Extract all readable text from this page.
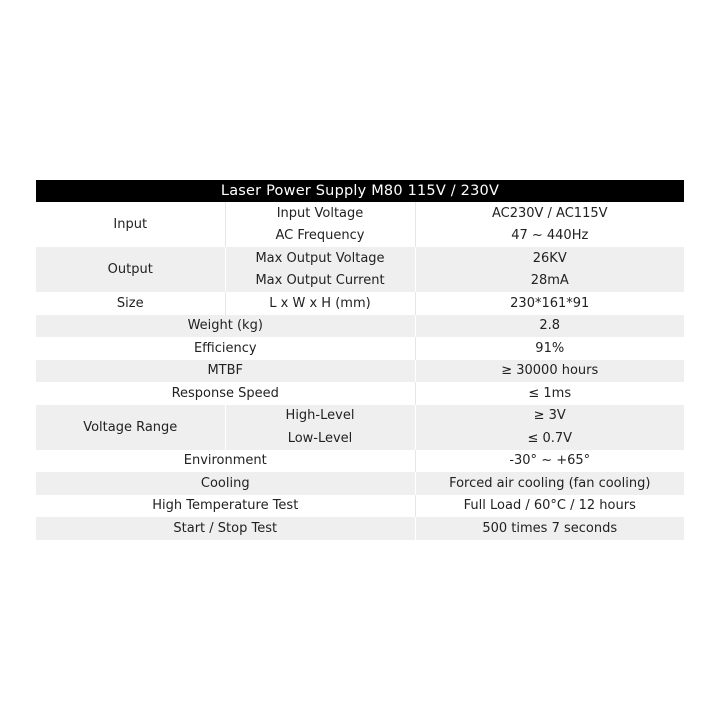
Laser Power Supply M80 115V / 230V		
Input	Input Voltage	AC230V / AC115V
	AC Frequency	47 ~ 440Hz
Output	Max Output Voltage	26KV
	Max Output Current	28mA
Size	L x W x H (mm)	230*161*91
Weight (kg)		2.8
Efficiency		91%
MTBF		≥ 30000 hours
Response Speed		≤ 1ms
Voltage Range	High-Level	≥ 3V
	Low-Level	≤ 0.7V
Environment		-30° ~ +65°
Cooling		Forced air cooling (fan cooling)
High Temperature Test		Full Load / 60°C / 12 hours
Start / Stop Test		500 times 7 seconds
